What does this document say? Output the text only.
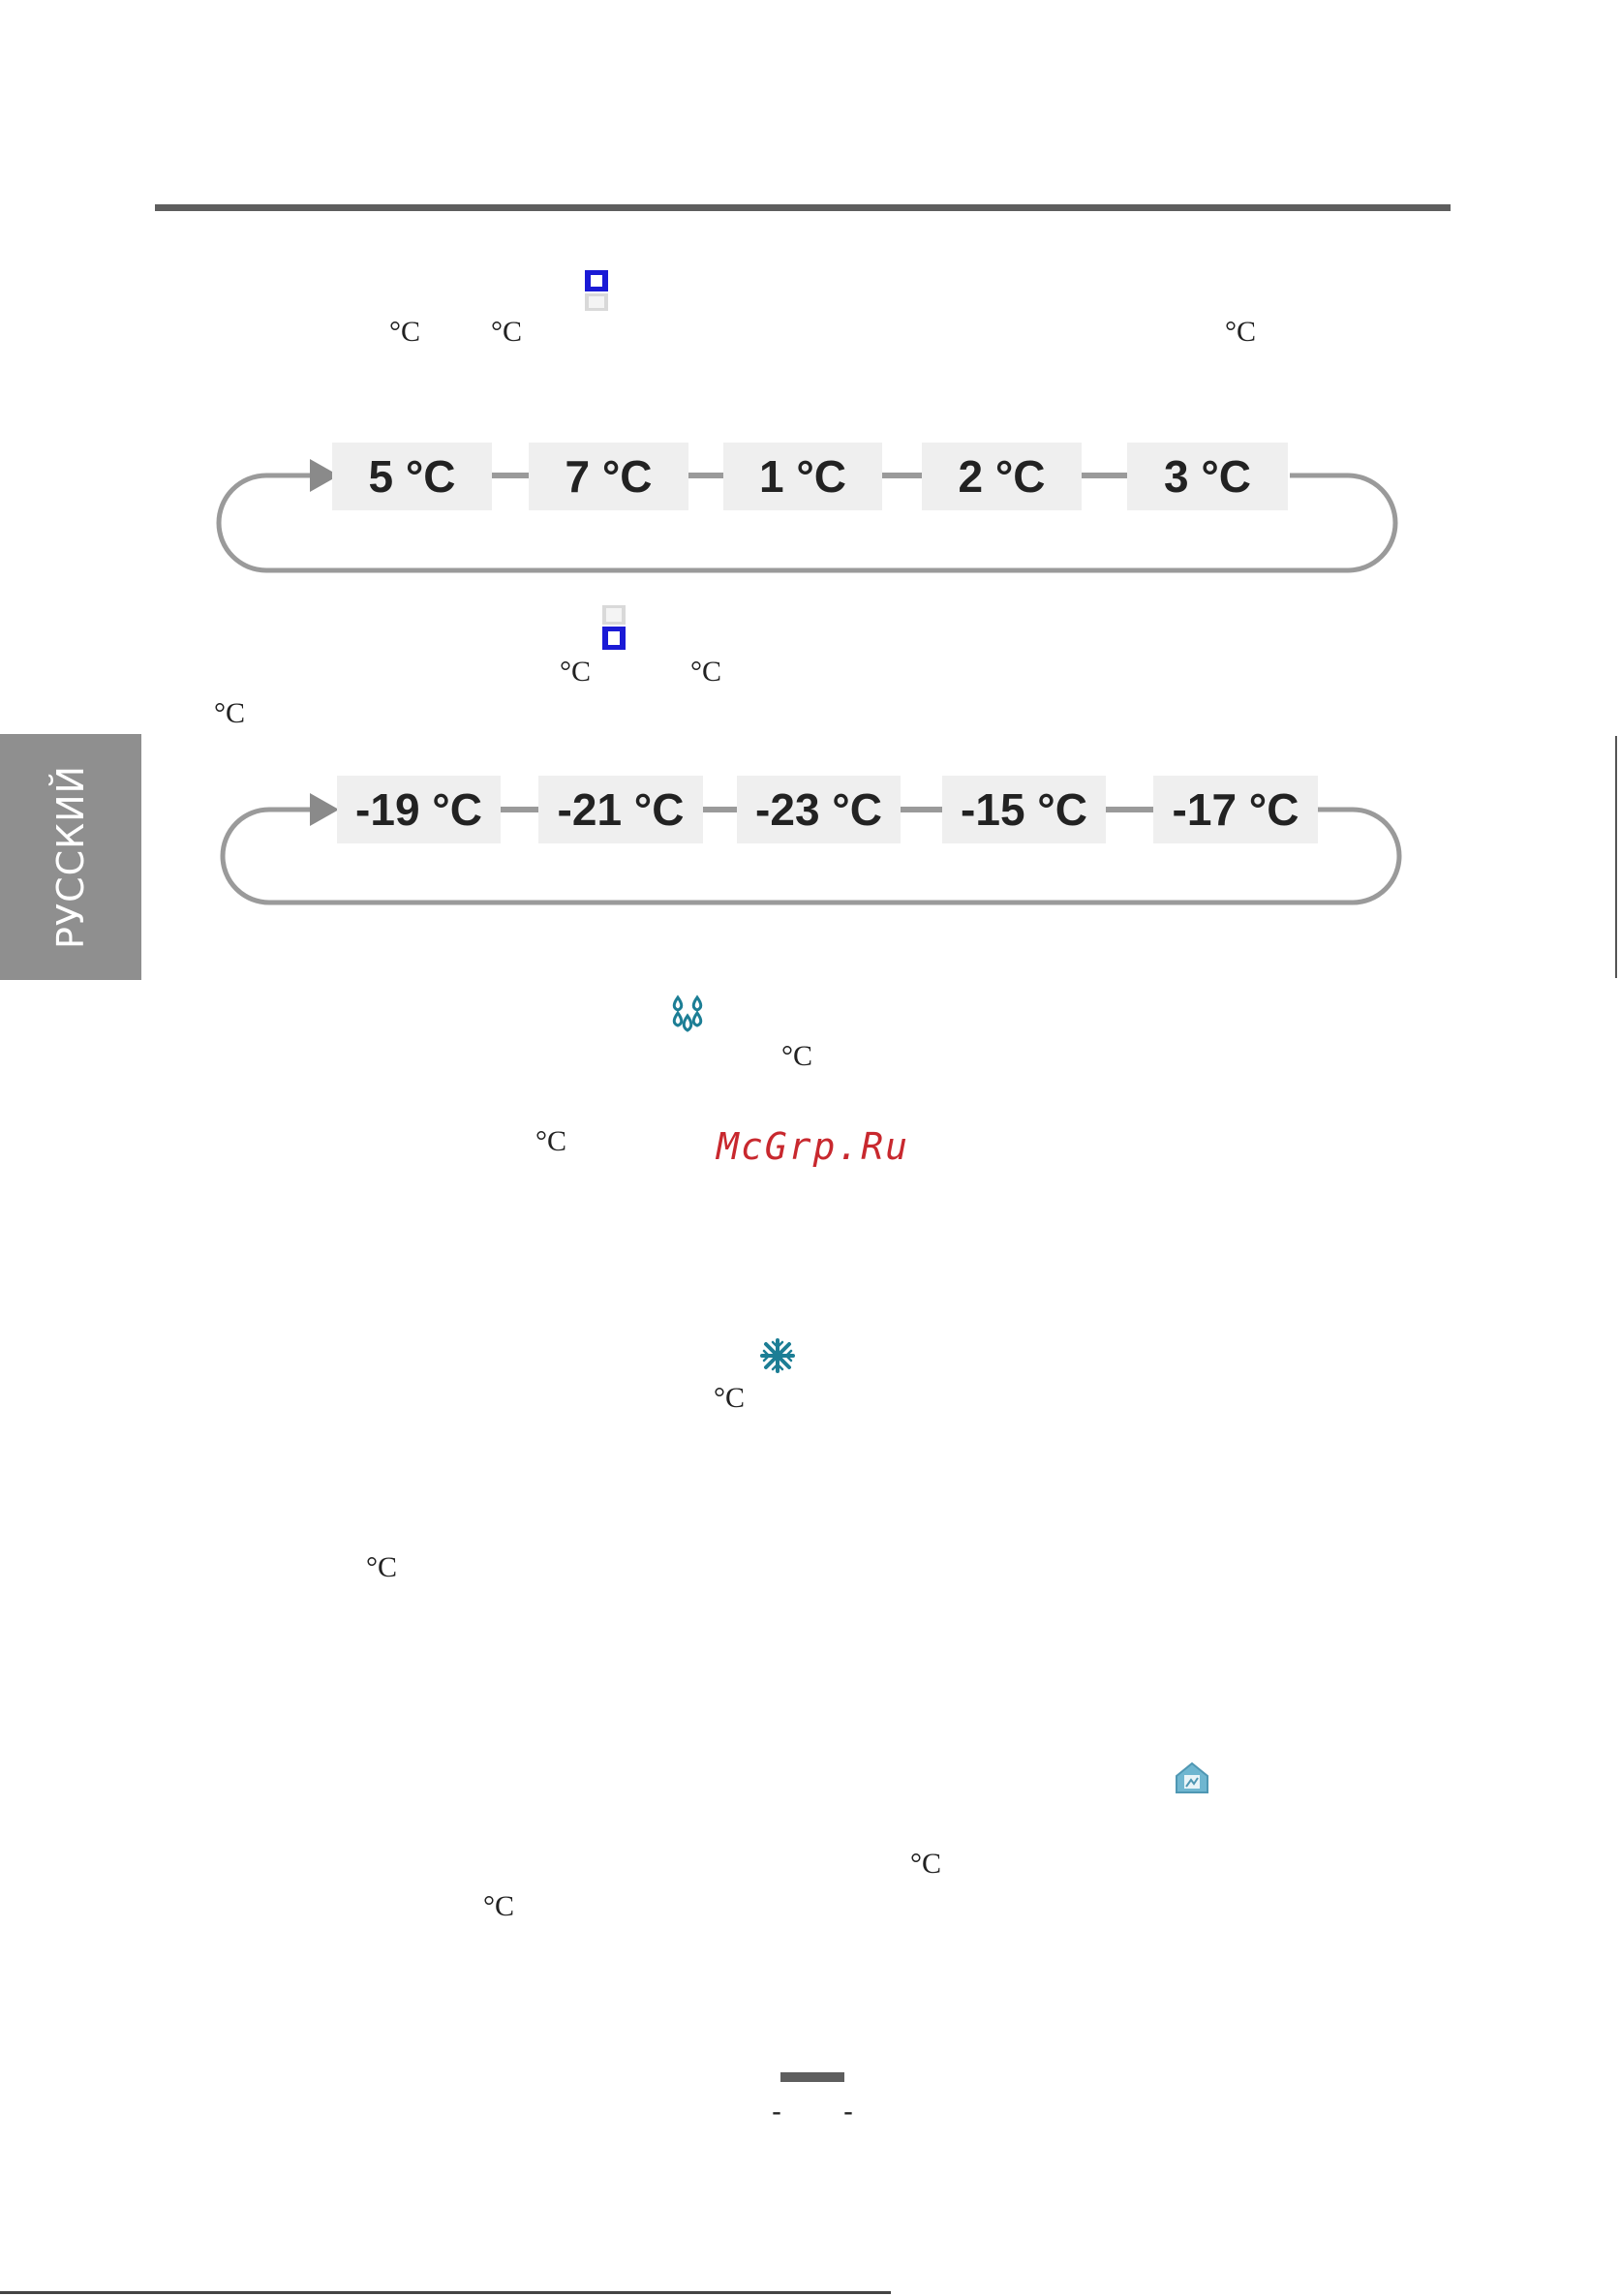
°C °C	°C
5 °C	7 °C	1 °C	2 °C	3 °C
°C	°C
°C
-19 °C	-21 °C	-23 °C	-15 °C	-17 °C
РУССКИЙ
°C
°C	McGrp.Ru
°C
°C
°C
°C
- -
